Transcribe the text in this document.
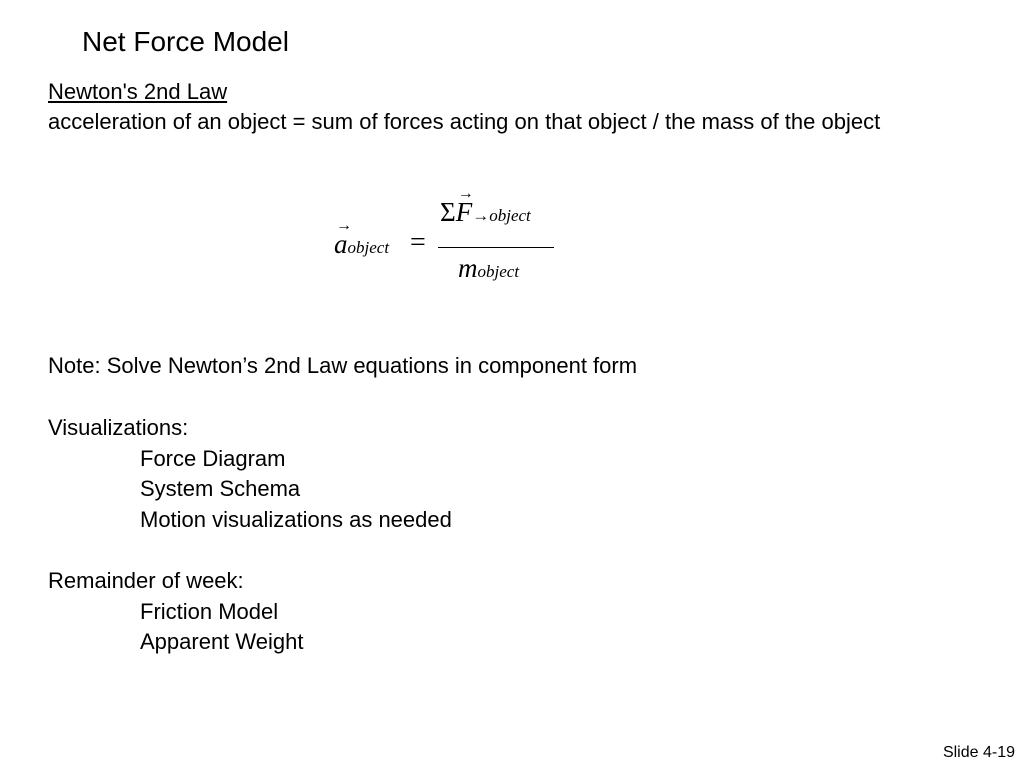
Net Force Model
Newton's 2nd Law
acceleration of an object = sum of forces acting on that object / the mass of the object
→
aobject =
Σ
→
F→object
mobject
Note: Solve Newton’s 2nd Law equations in component form
Visualizations:
Force Diagram
System Schema
Motion visualizations as needed
Remainder of week:
Friction Model
Apparent Weight
Slide 4-19
